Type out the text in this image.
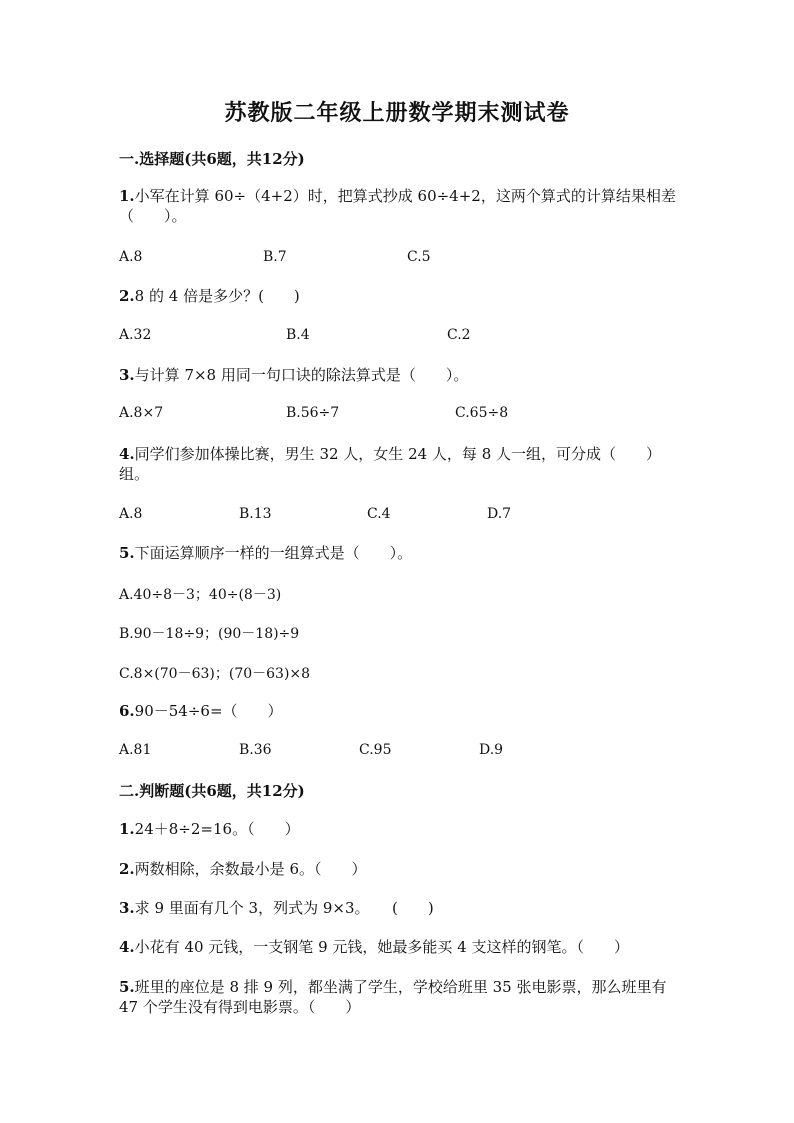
苏教版二年级上册数学期末测试卷
一.选择题(共6题，共12分)
1.小军在计算 60÷（4+2）时，把算式抄成 60÷4+2，这两个算式的计算结果相差　（　　）。
A.8	B.7	C.5
2.8 的 4 倍是多少？(　　)
A.32	B.4	C.2
3.与计算 7×8 用同一句口诀的除法算式是（　　）。
A.8×7	B.56÷7	C.65÷8
4.同学们参加体操比赛，男生 32 人，女生 24 人，每 8 人一组，可分成（　　）组。
A.8	B.13	C.4	D.7
5.下面运算顺序一样的一组算式是（　　）。
A.40÷8－3；40÷(8－3)
B.90－18÷9；(90－18)÷9
C.8×(70－63)；(70－63)×8
6.90－54÷6=（　　）
A.81	B.36	C.95	D.9
二.判断题(共6题，共12分)
1.24＋8÷2=16。（　　）
2.两数相除，余数最小是 6。（　　）
3.求 9 里面有几个 3，列式为 9×3。　　(　　)
4.小花有 40 元钱，一支钢笔 9 元钱，她最多能买 4 支这样的钢笔。（　　）
5.班里的座位是 8 排 9 列，都坐满了学生，学校给班里 35 张电影票，那么班里有 47 个学生没有得到电影票。（　　）
